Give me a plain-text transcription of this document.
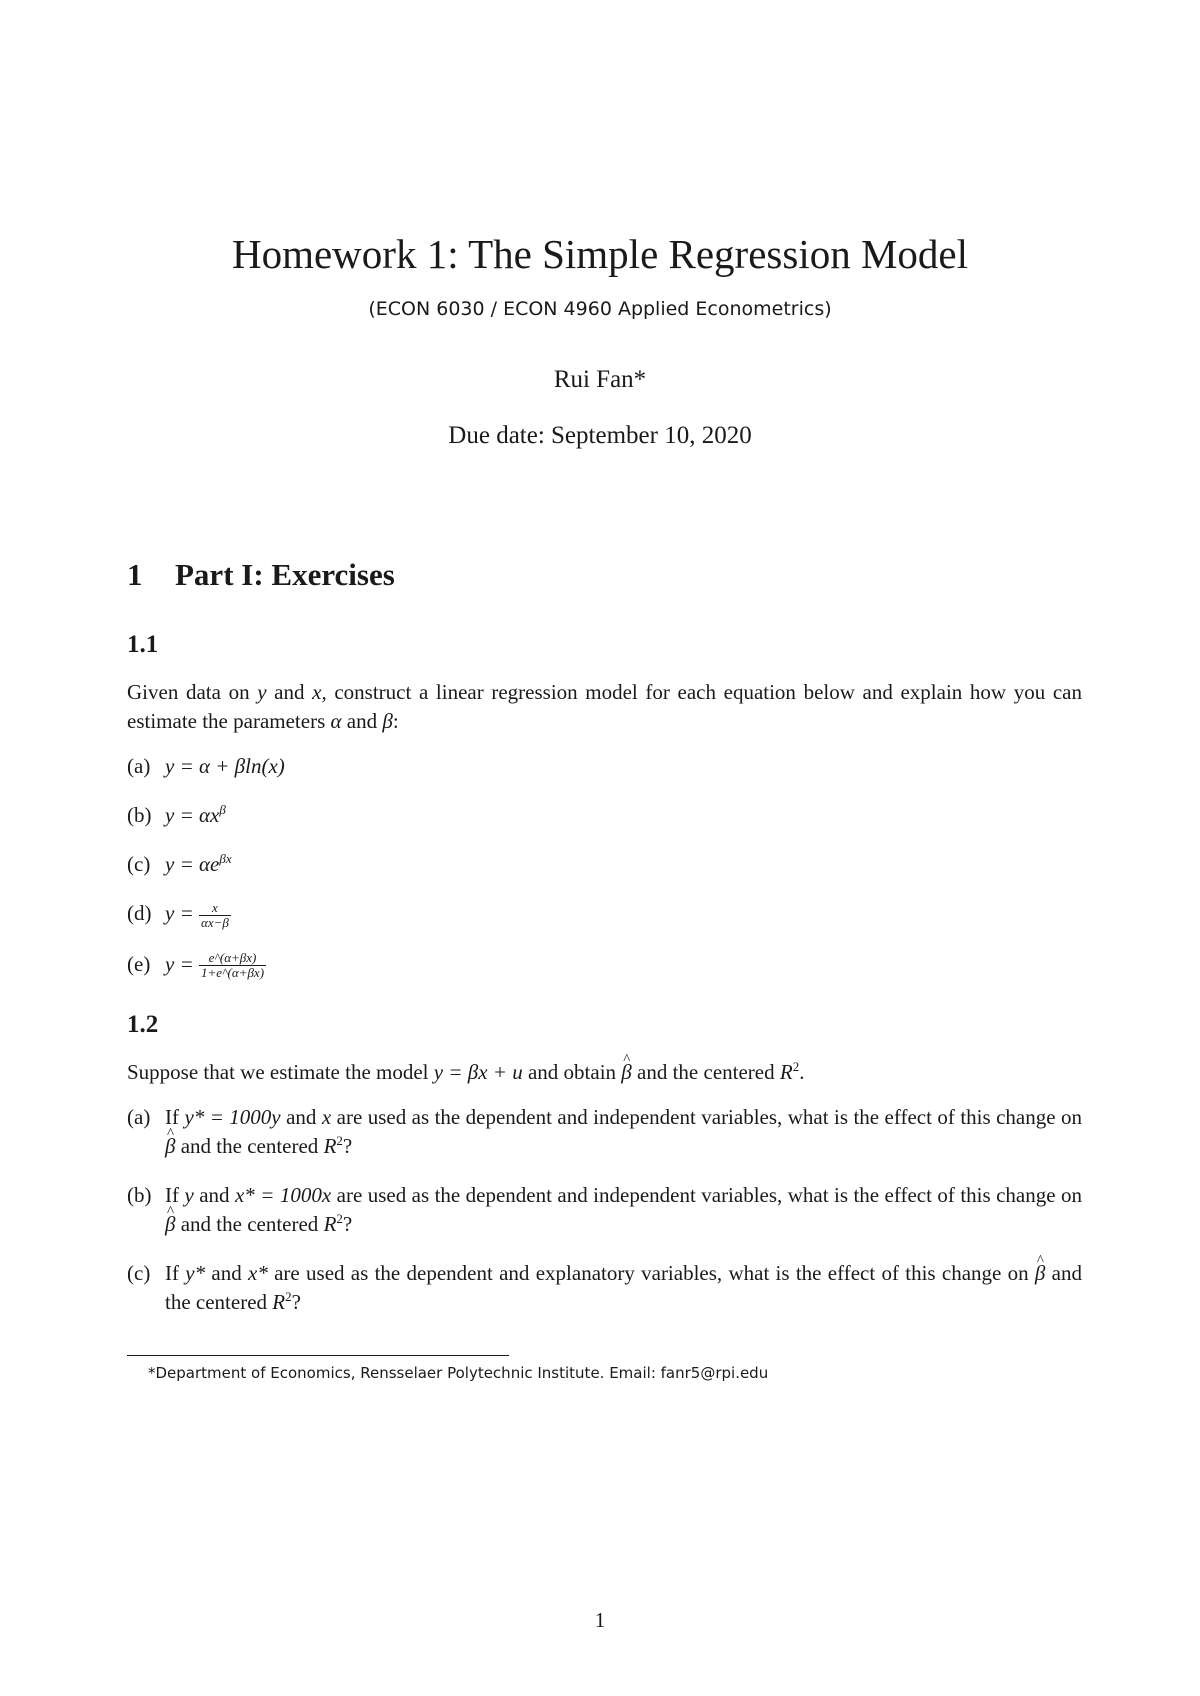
Homework 1: The Simple Regression Model
(ECON 6030 / ECON 4960 Applied Econometrics)
Rui Fan*
Due date: September 10, 2020
1 Part I: Exercises
1.1
Given data on y and x, construct a linear regression model for each equation below and explain how you can estimate the parameters α and β:
(a) y = α + βln(x)
(b) $y = \alpha x^\beta$
(c) $y = \alpha e^{\beta x}$
(d) $y = \frac{x}{\alpha x-\beta}$
(e) $y = \frac{e\^{}(\alpha+\beta x)}{1+e\^{}(\alpha+\beta x)}$
1.2
Suppose that we estimate the model y = βx + u and obtain ^ β and the centered $R^2$.
(a) If y* = 1000y and x are used as the dependent and independent variables, what is the effect of this change on ^ β and the centered $R^2$?
(b) If y and x* = 1000x are used as the dependent and independent variables, what is the effect of this change on ^ β and the centered $R^2$?
(c) If y* and x* are used as the dependent and explanatory variables, what is the effect of this change on ^ β and the centered $R^2$?
*Department of Economics, Rensselaer Polytechnic Institute. Email: fanr5@rpi.edu
1
